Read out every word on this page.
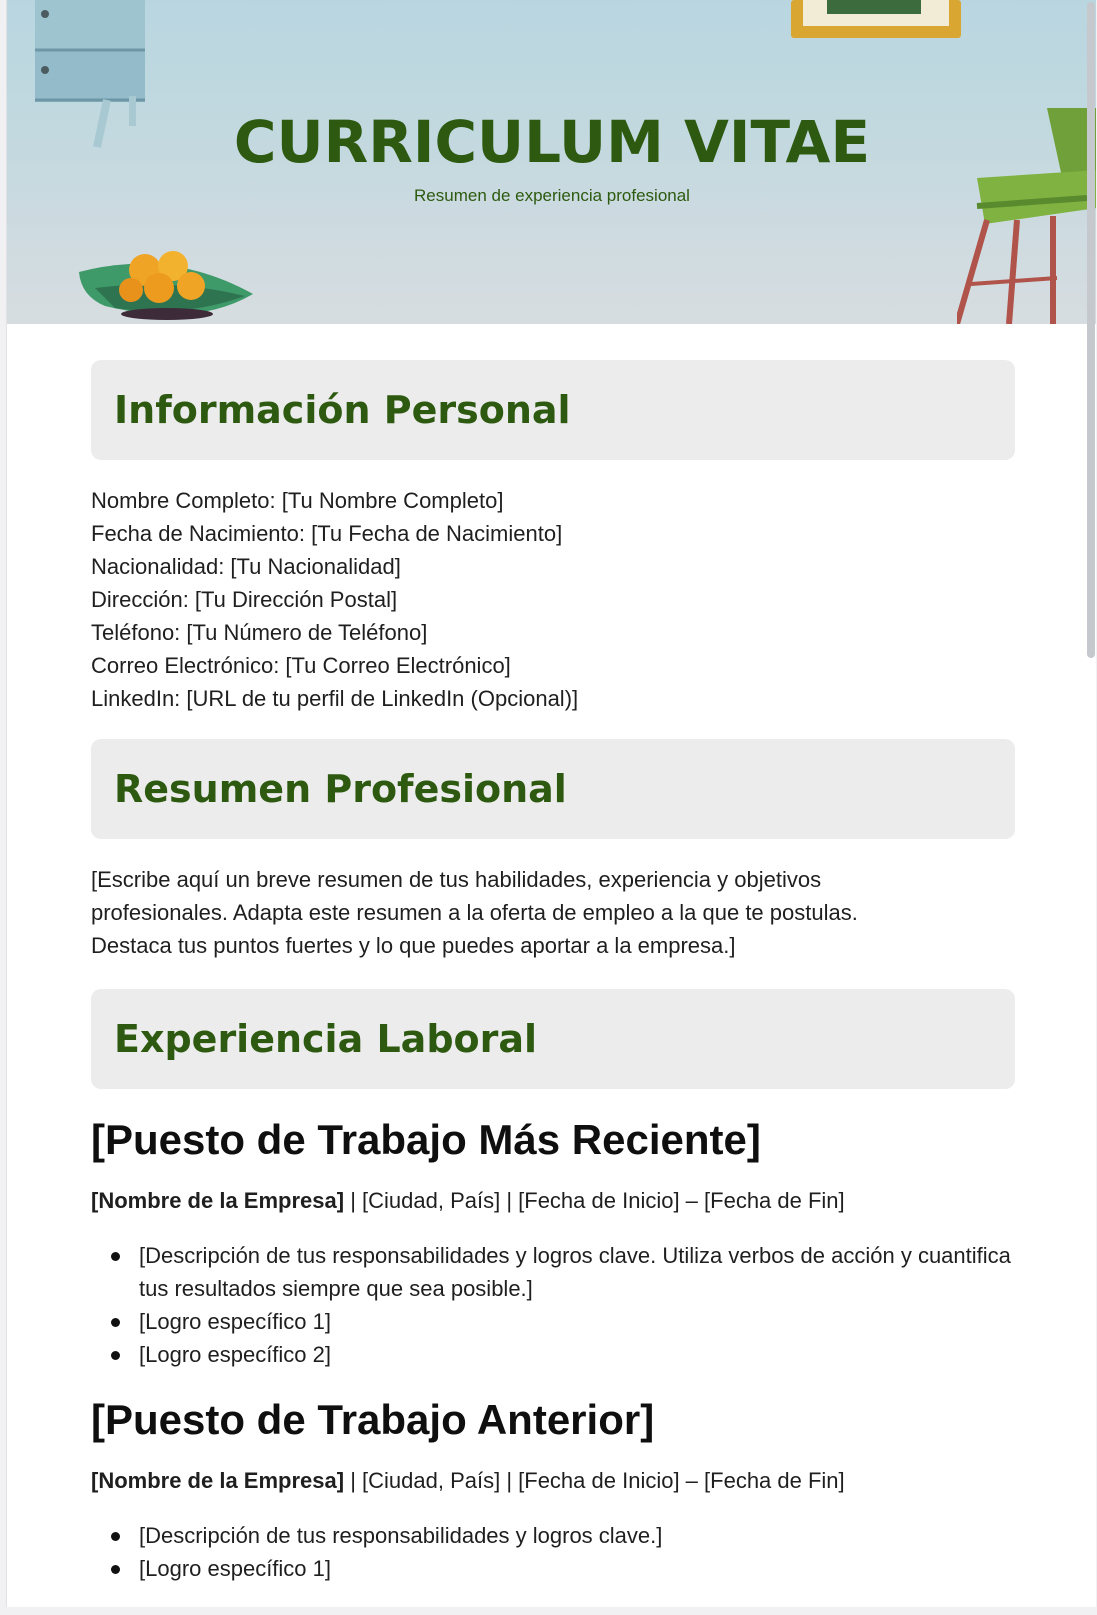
CURRICULUM VITAE
Resumen de experiencia profesional
Información Personal
Nombre Completo: [Tu Nombre Completo]
Fecha de Nacimiento: [Tu Fecha de Nacimiento]
Nacionalidad: [Tu Nacionalidad]
Dirección: [Tu Dirección Postal]
Teléfono: [Tu Número de Teléfono]
Correo Electrónico: [Tu Correo Electrónico]
LinkedIn: [URL de tu perfil de LinkedIn (Opcional)]
Resumen Profesional
[Escribe aquí un breve resumen de tus habilidades, experiencia y objetivos
profesionales. Adapta este resumen a la oferta de empleo a la que te postulas.
Destaca tus puntos fuertes y lo que puedes aportar a la empresa.]
Experiencia Laboral
[Puesto de Trabajo Más Reciente]
[Nombre de la Empresa] | [Ciudad, País] | [Fecha de Inicio] – [Fecha de Fin]
[Descripción de tus responsabilidades y logros clave. Utiliza verbos de acción y cuantifica tus resultados siempre que sea posible.]
[Logro específico 1]
[Logro específico 2]
[Puesto de Trabajo Anterior]
[Nombre de la Empresa] | [Ciudad, País] | [Fecha de Inicio] – [Fecha de Fin]
[Descripción de tus responsabilidades y logros clave.]
[Logro específico 1]
